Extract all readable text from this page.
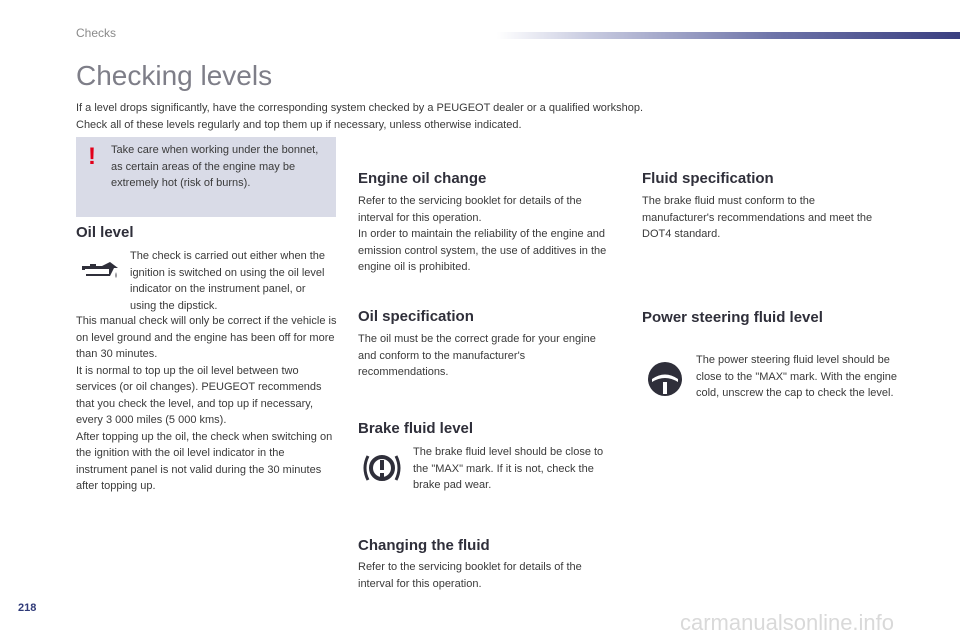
Checks
Checking levels

If a level drops significantly, have the corresponding system checked by a PEUGEOT dealer or a qualified workshop.

Check all of these levels regularly and top them up if necessary, unless otherwise indicated.

! Take care when working under the bonnet, as certain areas of the engine may be extremely hot (risk of burns).
Oil level
The check is carried out either when the ignition is switched on using the oil level indicator on the instrument panel, or using the dipstick.

This manual check will only be correct if the vehicle is on level ground and the engine has been off for more than 30 minutes.

It is normal to top up the oil level between two services (or oil changes). PEUGEOT recommends that you check the level, and top up if necessary, every 3 000 miles (5 000 kms).

After topping up the oil, the check when switching on the ignition with the oil level indicator in the instrument panel is not valid during the 30 minutes after topping up.

Engine oil change

Refer to the servicing booklet for details of the interval for this operation.

In order to maintain the reliability of the engine and emission control system, the use of additives in the engine oil is prohibited.

Oil specification
The oil must be the correct grade for your engine and conform to the manufacturer's recommendations.
Brake fluid level
The brake fluid level should be close to the "MAX" mark. If it is not, check the brake pad wear.
Changing the fluid
Refer to the servicing booklet for details of the interval for this operation.
Fluid specification
The brake fluid must conform to the manufacturer's recommendations and meet the DOT4 standard.
Power steering fluid level
The power steering fluid level should be close to the "MAX" mark. With the engine cold, unscrew the cap to check the level.
218
carmanualsonline.info
